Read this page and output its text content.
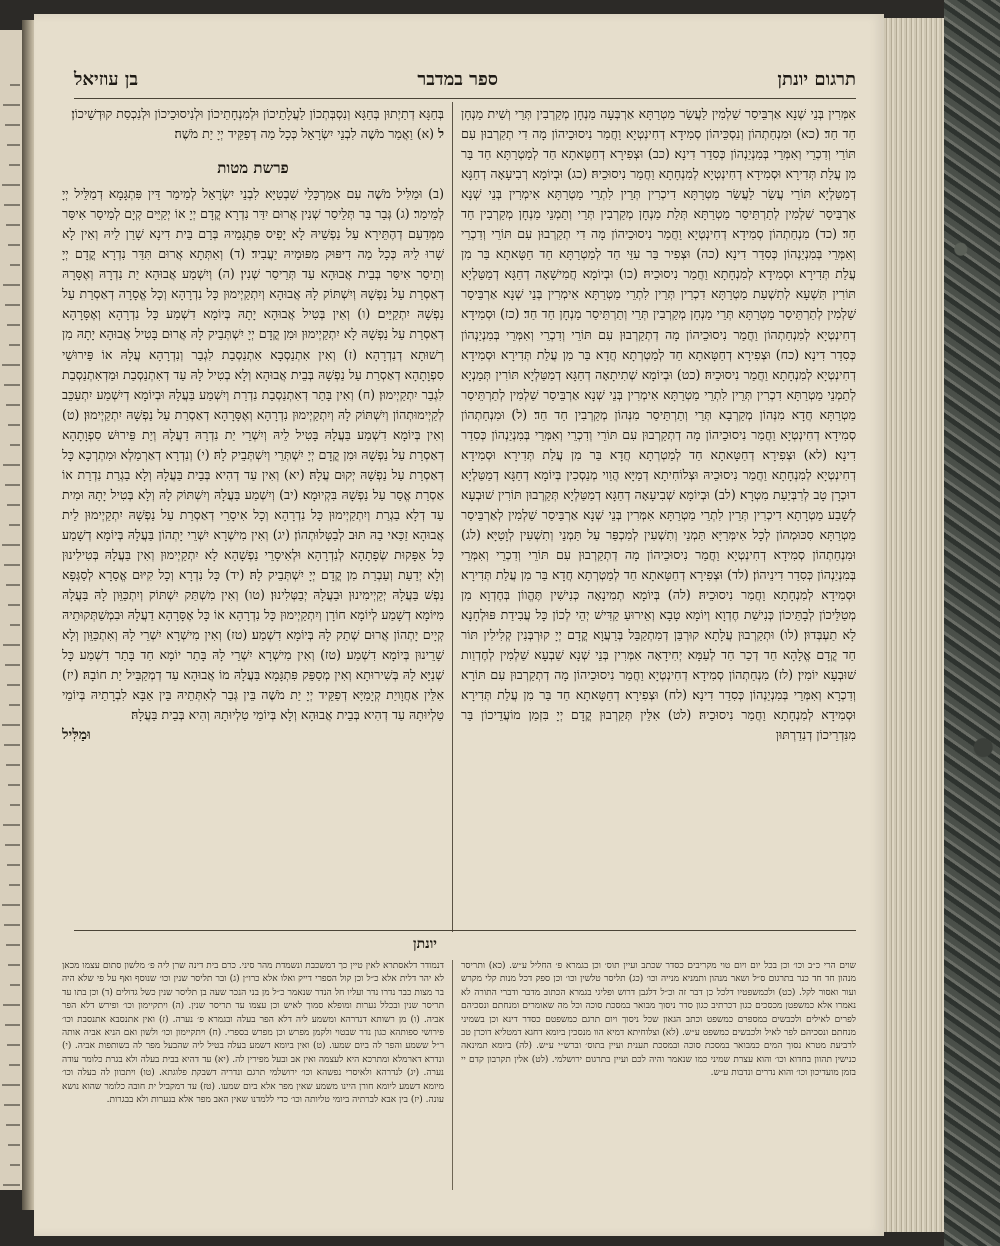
תרגום יונתן
ספר במדבר
בן עוזיאל
אִמְּרִין בְּנֵי שְׁנָא אַרְבֵּיסַר שַׁלְמִין לַעֲשַׂר מַטְרַתָּא אַרְבְּעָה מַנְחָן מְקַרְבִין תְּרֵי וְשִׁית מַנְחָן חַד חַד׃ (כא) וּמִנְחַתְהוֹן וְנִסְכֵּיהוֹן סְמִידָא דְחִינְטְיָא וַחֲמַר נִיסוּכֵיהוֹן מָה דִי תְקַרְבוּן עִם תּוֹרֵי וְדִכְרֵי וְאִמְּרֵי בְּמִנְיַנְהוֹן כְּסִדַר דִינָא׃ (כב) וּצְפִירָא דְחַטָּאתָא חַד לְמַטְרַתָּא חַד בַּר מִן עֲלַת תְּדִירָא וּסְמִידָא דְחִינְטְיָא לְמִנְחָתָא וַחֲמַר נִיסוּכֵיהּ׃ (כג) וּבְיוֹמָא רְבִיעָאָה דְחַגָּא דְמַטַּלְיָא תּוֹרֵי עֲשַׂר לַעֲשַׂר מַטְרַתָּא דִיכְרִין תְּרֵין לִתְרֵי מַטְרַתָּא אִימְרִין בְּנֵי שְׁנָא אַרְבֵּיסַר שַׁלְמִין לְתַרְתֵּיסַר מַטְרַתָּא תְּלַת מַנְחָן מְקַרְבִין תְּרֵי וְתַמְנֵי מַנְחָן מְקַרְבִין חַד חַד׃ (כד) מִנְחַתְהוֹן סְמִידָא דְחִינְטְיָא וַחֲמַר נִיסוּכֵיהוֹן מָה דִי תְקַרְבוּן עִם תּוֹרֵי וְדִכְרֵי וְאִמְּרֵי בְּמִנְיַנְהוֹן כְּסִדַר דִינָא׃ (כה) וּצְפִיר בַּר עִזֵּי חַד לְמַטְרַתָּא חַד חַטָּאתָא בַּר מִן עֲלַת תְּדִירָא וּסְמִידָא לְמִנְחָתָא וַחֲמַר נִיסוּכֵיהּ׃ (כו) וּבְיוֹמָא חֲמִישָׁאָה דְחַגָּא דְמַטַּלְיָא תּוֹרִין תִּשְׁעָא לְתִשְׁעַת מַטְרַתָּא דִכְרִין תְּרֵין לִתְרֵי מַטְרַתָּא אִימְרִין בְּנֵי שְׁנָא אַרְבֵּיסַר שַׁלְמִין לְתַרְתֵּיסַר מַטְרַתָּא תְּרֵי מַנְחָן מְקַרְבִין תְּרֵי וְתַרְתֵּיסַר מַנְחָן חַד חַד׃ (כז) וּסְמִידָא דְחִינְטְיָא לְמִנְחַתְהוֹן וַחֲמַר נִיסוּכֵיהוֹן מָה דְתְקַרְבוּן עִם תּוֹרֵי וְדִכְרֵי וְאִמְּרֵי בְּמִנְיַנְהוֹן כְּסִדַר דִינָא׃ (כח) וּצְפִירָא דְחַטָּאתָא חַד לְמַטְרְתָא חֲדָא בַּר מִן עֲלַת תְּדִירָא וּסְמִידָא דְחִינְטְיָא לְמִנְחָתָא וַחֲמַר נִיסוּכֵיהּ׃ (כט) וּבְיוֹמָא שְׁתִיתָאָה דְחַגָּא דְמַטַּלְיָא תּוֹרִין תְּמַנְיָא לְתַמְנֵי מַטְרַתָּא דִכְרִין תְּרֵין לִתְרֵי מַטְרַתָּא אִימְרִין בְּנֵי שְׁנָא אַרְבֵּיסַר שַׁלְמִין לְתַרְתֵּיסַר מַטְרַתָּא חֲדָא מִנְּהוֹן מְקַרְבָא תְּרֵי וְתַרְתֵּיסַר מִנְּהוֹן מְקַרְבִין חַד חַד׃ (ל) וּמִנְחַתְהוֹן סְמִידָא דְחִינְטְיָא וַחֲמַר נִיסוּכֵיהוֹן מָה דְתְקַרְבוּן עִם תּוֹרֵי וְדִכְרֵי וְאִמְּרֵי בְּמִנְיַנְהוֹן כְּסִדַר דִינָא׃ (לא) וּצְפִירָא דְחַטָּאתָא חַד לְמַטְרְתָא חֲדָא בַּר מִן עֲלַת תְּדִירָא וּסְמִידָא דְחִינְטְיָא לְמִנְחָתָא וַחֲמַר נִיסוּכֵיהּ וּצְלוֹחִיתָא דְמַיָּא הֲוַוי מְנַסְכִין בְּיוֹמָא דְחַגָּא דְמַטַּלְיָא דוּכְרָן טָב לְרִבְּיַעַת מִטְרָא׃ (לב) וּבְיוֹמָא שְׁבִיעָאָה דְחַגָּא דְמַטַּלְיָא תְּקַרְבוּן תּוֹרִין שׁוּבְעָא לְשָׁבַע מַטְרָתָא דִיכְרִין תְּרֵין לִתְרֵי מַטְרַתָּא אִמְּרִין בְּנֵי שְׁנָא אַרְבֵּיסַר שַׁלְמִין לְאַרְבֵּיסַר מַטְרַתָּא סִכּוּמְהוֹן לְכָל אִימְּרַיָּא תַּמְנֵי וְתִשְׁעִין לְמִכְפַּר עַל תַּמְנֵי וְתִשְׁעִין לְוָטַיָּא׃ (לג) וּמִנְחַתְהוֹן סְמִידָא דְחִינְטְיָא וַחֲמַר נִיסוּכֵיהוֹן מָה דְתְקַרְבוּן עִם תּוֹרֵי וְדִכְרֵי וְאִמְּרֵי בְּמִנְיַנְהוֹן כְּסִדַר דִינֵיהוֹן׃ (לד) וּצְפִירָא דְחַטָּאתָא חַד לְמַטְרְתָא חֲדָא בַּר מִן עֲלַת תְּדִירָא וּסְמִידָא לְמִנְחָתָא וַחֲמַר נִיסוּכֵיהּ׃ (לה) בְּיוֹמָא תְמִינָאָה כְּנִישִׁין תֶּהֱווֹן בְּחֶדְוָא מִן מְטַלֵּיכוֹן לְבָתֵּיכוֹן כְּנִישַׁת חֶדְוָא וְיוֹמָא טָבָא וְאֵירוּעַ קַדִּישׁ יְהֵי לְכוֹן כָּל עֲבִידַת פּוּלְחָנָא לָא תַעְבְּדוּן׃ (לו) וּתְקַרְבוּן עֲלָתָא קוּרְבַּן דְמִתְקַבֵּל בְּרַעֲוָא קֳדָם יְיָ קוּרְבְּנִין קְלִילִין תּוֹר חַד קֳדָם אֱלָהָא חַד דְכַר חַד לְעַמָּא יְחִידָאָה אִמְּרִין בְּנֵי שְׁנָא שַׁבְעָא שַׁלְמִין לְחֶדְוַות שׁוּבְעָא יוֹמִין׃ (לז) מִנְחַתְהוֹן סְמִידָא דְחִינְטְיָא וַחֲמַר נִיסוּכֵיהוֹן מָה דְתְקַרְבוּן עִם תּוֹרָא וְדִכְרָא וְאִמְּרֵי בְּמִנְיַנְהוֹן כְּסִדַר דִינָא׃ (לח) וּצְפִירָא דְחַטָּאתָא חַד בַּר מִן עֲלַת תְּדִירָא וּסְמִידָא לְמִנְחָתָא וַחֲמַר נִיסוּכֵיהּ׃ (לט) אִלֵּין תְּקַרְבוּן קֳדָם יְיָ בִּזְמַן מוֹעֲדֵיכוֹן בַּר מִנִּדְרֵיכוֹן דְנִדַרְתּוּן
בְּחַגָּא דְתַיְתוּן בְּחַגָּא וְנִסְבְּתְכוֹן לַעֲלָתֵיכוֹן וּלְמִנְחָתֵיכוֹן וּלְנִיסוּכֵיכוֹן וּלְנִכְסַת קוּדְשֵׁיכוֹן׃
ל (א) וַאֲמַר מֹשֶׁה לִבְנֵי יִשְׂרָאֵל כְּכָל מַה דְפַקֵּיד יְיָ יַת מֹשֶׁה׃
פרשת מטות
(ב) וּמַלִּיל מֹשֶׁה עִם אַמַרְכָּלֵי שִׁבְטַיָּא לִבְנֵי יִשְׂרָאֵל לְמֵימַר דֵּין פִּתְגָּמָא דְמַלֵּיל יְיָ לְמֵימַר׃ (ג) גְּבַר בַּר תְּלֵיסַר שְׁנִין אֲרוּם יִדַּר נִדְרָא קֳדָם יְיָ אוֹ יְקַיֵּים קְיָם לְמֵיסַר אִיסַּר מִמְּדַעַם דְהֶתֵּירָא עַל נַפְשֵׁיהּ לָא יָפֵיס פִּתְגָּמֵיהּ בְּרַם בֵּית דִינָא שָׁרַן לֵיהּ וְאִין לָא שָׁרוּ לֵיהּ כְּכָל מַה דִיפּוּק מִפּוּמֵיהּ יַעֲבִיד׃ (ד) וְאִתְּתָא אֲרוּם תִּדַּר נִדְרָא קֳדָם יְיָ וְתֵיסַר אִיסַּר בְּבֵית אֲבוּהָא עַד תְּרֵיסַר שְׁנִין׃ (ה) וְיִשְׁמַע אֲבוּהָא יַת נִדְרָהּ וְאֶסָּרָהּ דְאַסְרַת עַל נַפְשָׁהּ וְיִשְׁתּוֹק לָהּ אֲבוּהָא וְיִתְקַיְימוּן כָּל נִדְרָהָא וְכָל אֱסָרָה דְאַסְרַת עַל נַפְשָׁהּ יִתְקַיֵּים׃ (ו) וְאִין בְּטִיל אֲבוּהָא יָתָהּ בְּיוֹמָא דִשְׁמַע כָּל נִדְרָהָא וְאֶסָּרָהָא דְאַסְרַת עַל נַפְשָׁהּ לָא יִתְקַיְימוּן וּמִן קֳדָם יְיָ יִשְׁתְּבֵיק לָהּ אֲרוּם בָּטִיל אֲבוּהָא יָתָהּ מִן רְשׁוּתָא דְנִדְרָהָא׃ (ז) וְאִין אִתְנַסְבָא אִתְנַסְבַת לִגְבַר וְנִדְרָהָא עֲלָהּ אוֹ פֵּירוּשֵׁי סִפְוָתָהָא דְאַסְרַת עַל נַפְשָׁהּ בְּבֵית אֲבוּהָא וְלָא בְטִיל לָהּ עַד דְאִתְנַסְבַת וּמַדְאִתְנַסְבַת לִגְבַר יִתְקַיְימוּן׃ (ח) וְאִין בָּתַר דְאִתְנַסְבַת נִדְרַת וְיִשְׁמַע בַּעֲלָהּ וּבְיוֹמָא דְיִשְׁמַע יִתְעַכֵּב לְקַיְימוּתְהוֹן וְיִשְׁתּוֹק לָהּ וְיִתְקַיְימוּן נִדְרָהָא וְאֶסָּרָהָא דְאַסְרַת עַל נַפְשָׁהּ יִתְקַיְימוּן׃ (ט) וְאִין בְּיוֹמָא דִשְׁמַע בַּעֲלָהּ בָּטִיל לֵיהּ וְיִשְׁרֵי יַת נִדְרָהּ דַעֲלָהּ וְיַת פֵּירוּשׁ סִפְוָתָהָא דְאַסְרַת עַל נַפְשָׁהּ וּמִן קֳדָם יְיָ יִשְׁתְּרֵי וְיִשְׁתְּבֵיק לָהּ׃ (י) וְנִדְרָא דְאַרְמַלְא וּמִתְרְכָא כָּל דְאַסְרַת עַל נַפְשָׁהּ יְקוּם עֲלָהּ׃ (יא) וְאִין עַד דְהִיא בְּבֵית בַּעֲלָהּ וְלָא בַגְרַת נִדְרַת אוֹ אַסְרַת אֱסַר עַל נַפְשָׁהּ בִּקְיוּמָא׃ (יב) וְיִשְׁמַע בַּעֲלָהּ וְיִשְׁתּוֹק לָהּ וְלָא בְּטִיל יָתָהּ וּמִית עַד דְלָא בַגְרַת וְיִתְקַיְימוּן כָּל נִדְרָהָא וְכָל אִיסָרֵי דְאַסְרַת עַל נַפְשָׁהּ יִתְקַיְימוּן לֵית אֲבוּהָא זַכַּאי בַהּ תּוּב לְבַטָּלוּתְהוֹן׃ (יג) וְאִין מִישְׁרָא יִשְׁרֵי יָתְהוֹן בַּעֲלָהּ בְּיוֹמָא דְשָׁמַע כָּל אַפָּקוּת שְׂפָתָהָא לְנִדְרָהָא וּלְאִיסָרֵי נַפְשָׁהָא לָא יִתְקַיְימוּן וְאִין בַּעֲלָהּ בְּטִילִינוּן וְלָא יְדַעַת וְעַבְרַת מִן קֳדָם יְיָ יִשְׁתְּבֵיק לָהּ׃ (יד) כָּל נִדְרָא וְכָל קִיּוּם אֱסַרָא לְסַגְּפָא נַפְשׁ בַּעֲלָהּ יְקַיְימִינוּן וּבַעֲלָהּ יְבַטְּלִינוּן׃ (טו) וְאִין מִשְׁתַּק יִשְׁתּוֹק וְיִתְכַּוֵּון לָהּ בַּעֲלָהּ מִיּוֹמָא דְשָׁמַע לְיוֹמָא חוֹרָן וְיִתְקַיְימוּן כָּל נִדְרָהָא אוֹ כָּל אֶסָּרָהָא דַעֲלָהּ וּבִמְשַׁתְּקוּתֵיהּ קְיָים יָתְהוֹן אֲרוּם שְׁתַק לָהּ בְּיוֹמָא דִשְׁמַע׃ (טז) וְאִין מִישְׁרָא יִשְׁרֵי לָהּ וְאִתְכַּוֵּון וְלָא שָׁרֵינוּן בְּיוֹמָא דִשְׁמַע׃ (טז) וְאִין מִישְׁרָא יִשְׁרֵי לָהּ בָּתַר יוֹמָא חַד בָּתַר דִשְׁמַע כָּל שְׁנַיָּא לָהּ בְּשִׁירוּתָא וְאִין מְסַפֵּק פִּתְגָּמָא בַּעֲלָהּ מוֹ אֲבוּהָא עַד דְמְקַבֵּיל יַת חוֹבָהּ׃ (יז) אִלֵּין אַחֲוָויַת קְיָמַיָּא דְפַקֵּיד יְיָ יַת מֹשֶׁה בֵּין גְּבַר לְאִתְּתֵיהּ בֵּין אַבָּא לִבְרָתֵיהּ בְּיוֹמֵי טַלְיוּתָהּ עַד דְהִיא בְּבֵית אֲבוּהָא וְלָא בְּיוֹמֵי טַלְיוּתָהּ וְהִיא בְּבֵית בַּעֲלָהּ׃
וּמַלִּיל
יונתן
שוים הרי כ״ב וכו׳ וכן בכל יום ויום טוי מקריבים כסדר שכתב ועיין תוס׳ וכן בגמרא פ׳ החליל ע״ש. (כא) ותריסר מנהון חד חד כנר בתרגום ס״ל ושאר מנהון ותמניא מנייה וכו׳ (כג) תליסר טלשין וכו׳ וכן ספק דכל מנות קלי מקרש ועור ואסור לקל. (כט) ולכמשפטיו דלכל כן דבר זה וכ״ל דלגבן דרוש ופליגי בגמרא הכתוב מדבר ודברי התורה לא נאמרו אלא כמשפטן מכסכים כגון דכרתיב כגון סדר ניסוך מבואר במסכת סוכה וכל מה שאומרים ומנחתם ונסכיהם לפרים לאילים ולכבשים במספרם כמשפט וכתב הגאון שכל ניסוך ויום תרגם כמשפטם כסדר דינא וכן בשמיני מנחתם ונסכיהם לפר לאיל ולכבשים כמשפט ע״ש. (לא) וצלוחיתא דמיא הוו מנסכין ביומא דחגא דמטליא דוכרן טב לרביעת מטרא נסוך המים כמבואר במסכת סוכה ובמסכת תענית ועיין בתוס׳ וברש״י ע״ש. (לה) ביומא תמינאה כנישין תהוון בחדוא וכו׳ והוא עצרת שמיני כמו שנאמר והיה לכם ועיין בתרגום ירושלמי. (לט) אלין תקרבון קדם יי בזמן מועדיכון וכו׳ והוא נדרים ונדבות ע״ש.
דנמודר דלאסתרא לאין טיין כך דמשכבת ונשמדת מהר סיני. כרם בית דינה שרן ליה פ׳ מלשון סתום עצמו מכאן לא יהר דלית אלא כ״ל וכן קול הספרי דייק ואלו אלא כרו״ן (ג) ובר תליסר שנין וכו׳ שנוסף ואף על פי שלא היה בר מצות כבר נדרו נדר ועליו חל הנדר שנאמר כ״ל מן בני הנכר שעה בן תליסר שנין כשל גדולים (ד) וכן בתו עד תריסר שנין ובכלל נערות ומופלא סמוך לאיש וכן עצמו עד תריסר שנין. (ה) ויתקיימון וכו׳ ופירש דלא הפר אביה. (ו) מן רשותא דנדרהא ומשמע ליה דלא הפר בעלה ובגמרא פ׳ נערה. (ז) ואין אתנסבא אתנסבת וכו׳ פירושי ספותהא כגון נדר שבטוי ולקמן מפרש וכן מפרש בספרי. (ח) ויתקיימון וכו׳ ולשון ואם הניא אביה אותה ר״ל ששמע והפר לה ביום שמעו. (ט) ואין ביומא דשמע בעלה בטיל ליה שהבעל מפר לה בשותפות אביה. (י) ונדרא דארמלא ומתרכא היא לעצמה ואין אב ובעל מפירין לה. (יא) עד דהיא בבית בעלה ולא בגרת כלומר עודה נערה. (יג) לנדרהא ולאיסרי נפשהא וכו׳ ירושלמי תרגם ונדריה דשבקת פלוגתא. (טו) ויתכוון לה בעלה וכו׳ מיומא דשמע ליומא חורן היינו משמע שאין מפר אלא ביום שמעו. (טז) עד דמקביל ית חובה כלומר שהוא נושא עונה. (יז) בין אבא לברתיה ביומי טליותה וכו׳ כדי ללמדנו שאין האב מפר אלא בנערות ולא בבגרות.
